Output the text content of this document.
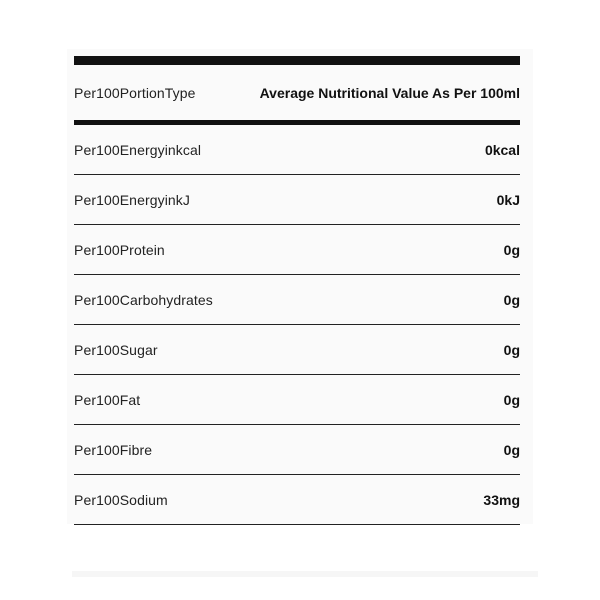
Per100PortionType	Average Nutritional Value As Per 100ml
Per100Energyinkcal	0kcal
Per100EnergyinkJ	0kJ
Per100Protein	0g
Per100Carbohydrates	0g
Per100Sugar	0g
Per100Fat	0g
Per100Fibre	0g
Per100Sodium	33mg
